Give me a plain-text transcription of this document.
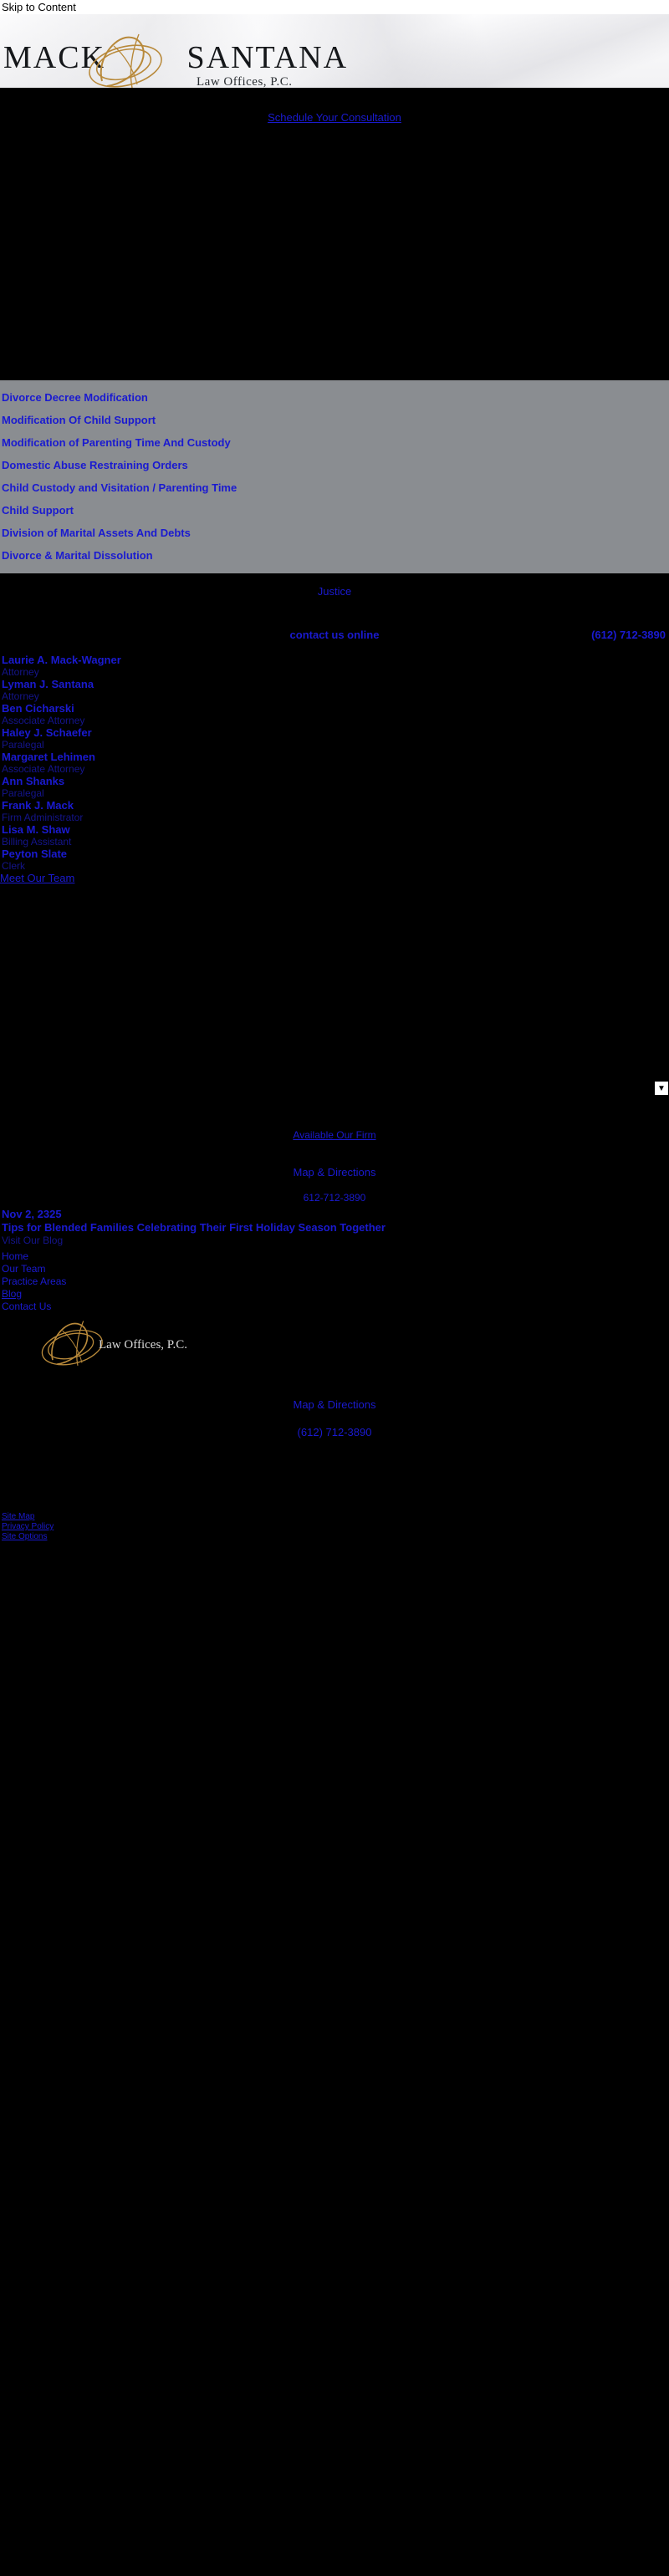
Skip to Content
MACK	SANTANA
Law Offices, P.C.
Schedule Your Consultation
Divorce Decree Modification
Modification Of Child Support
Modification of Parenting Time And Custody
Domestic Abuse Restraining Orders
Child Custody and Visitation / Parenting Time
Child Support
Division of Marital Assets And Debts
Divorce & Marital Dissolution
Justice
contact us online	(612) 712-3890
Laurie A. Mack-Wagner
Attorney
Lyman J. Santana
Attorney
Ben Cicharski
Associate Attorney
Haley J. Schaefer
Paralegal
Margaret Lehimen
Associate Attorney
Ann Shanks
Paralegal
Frank J. Mack
Firm Administrator
Lisa M. Shaw
Billing Assistant
Peyton Slate
Clerk
Meet Our Team
▼
Available Our Firm
Map & Directions
612-712-3890
Nov 2, 2325
Tips for Blended Families Celebrating Their First Holiday Season Together
Visit Our Blog
Home
Our Team
Practice Areas
Blog
Contact Us
Law Offices, P.C.
Map & Directions
(612) 712-3890
Site Map
Privacy Policy
Site Options
